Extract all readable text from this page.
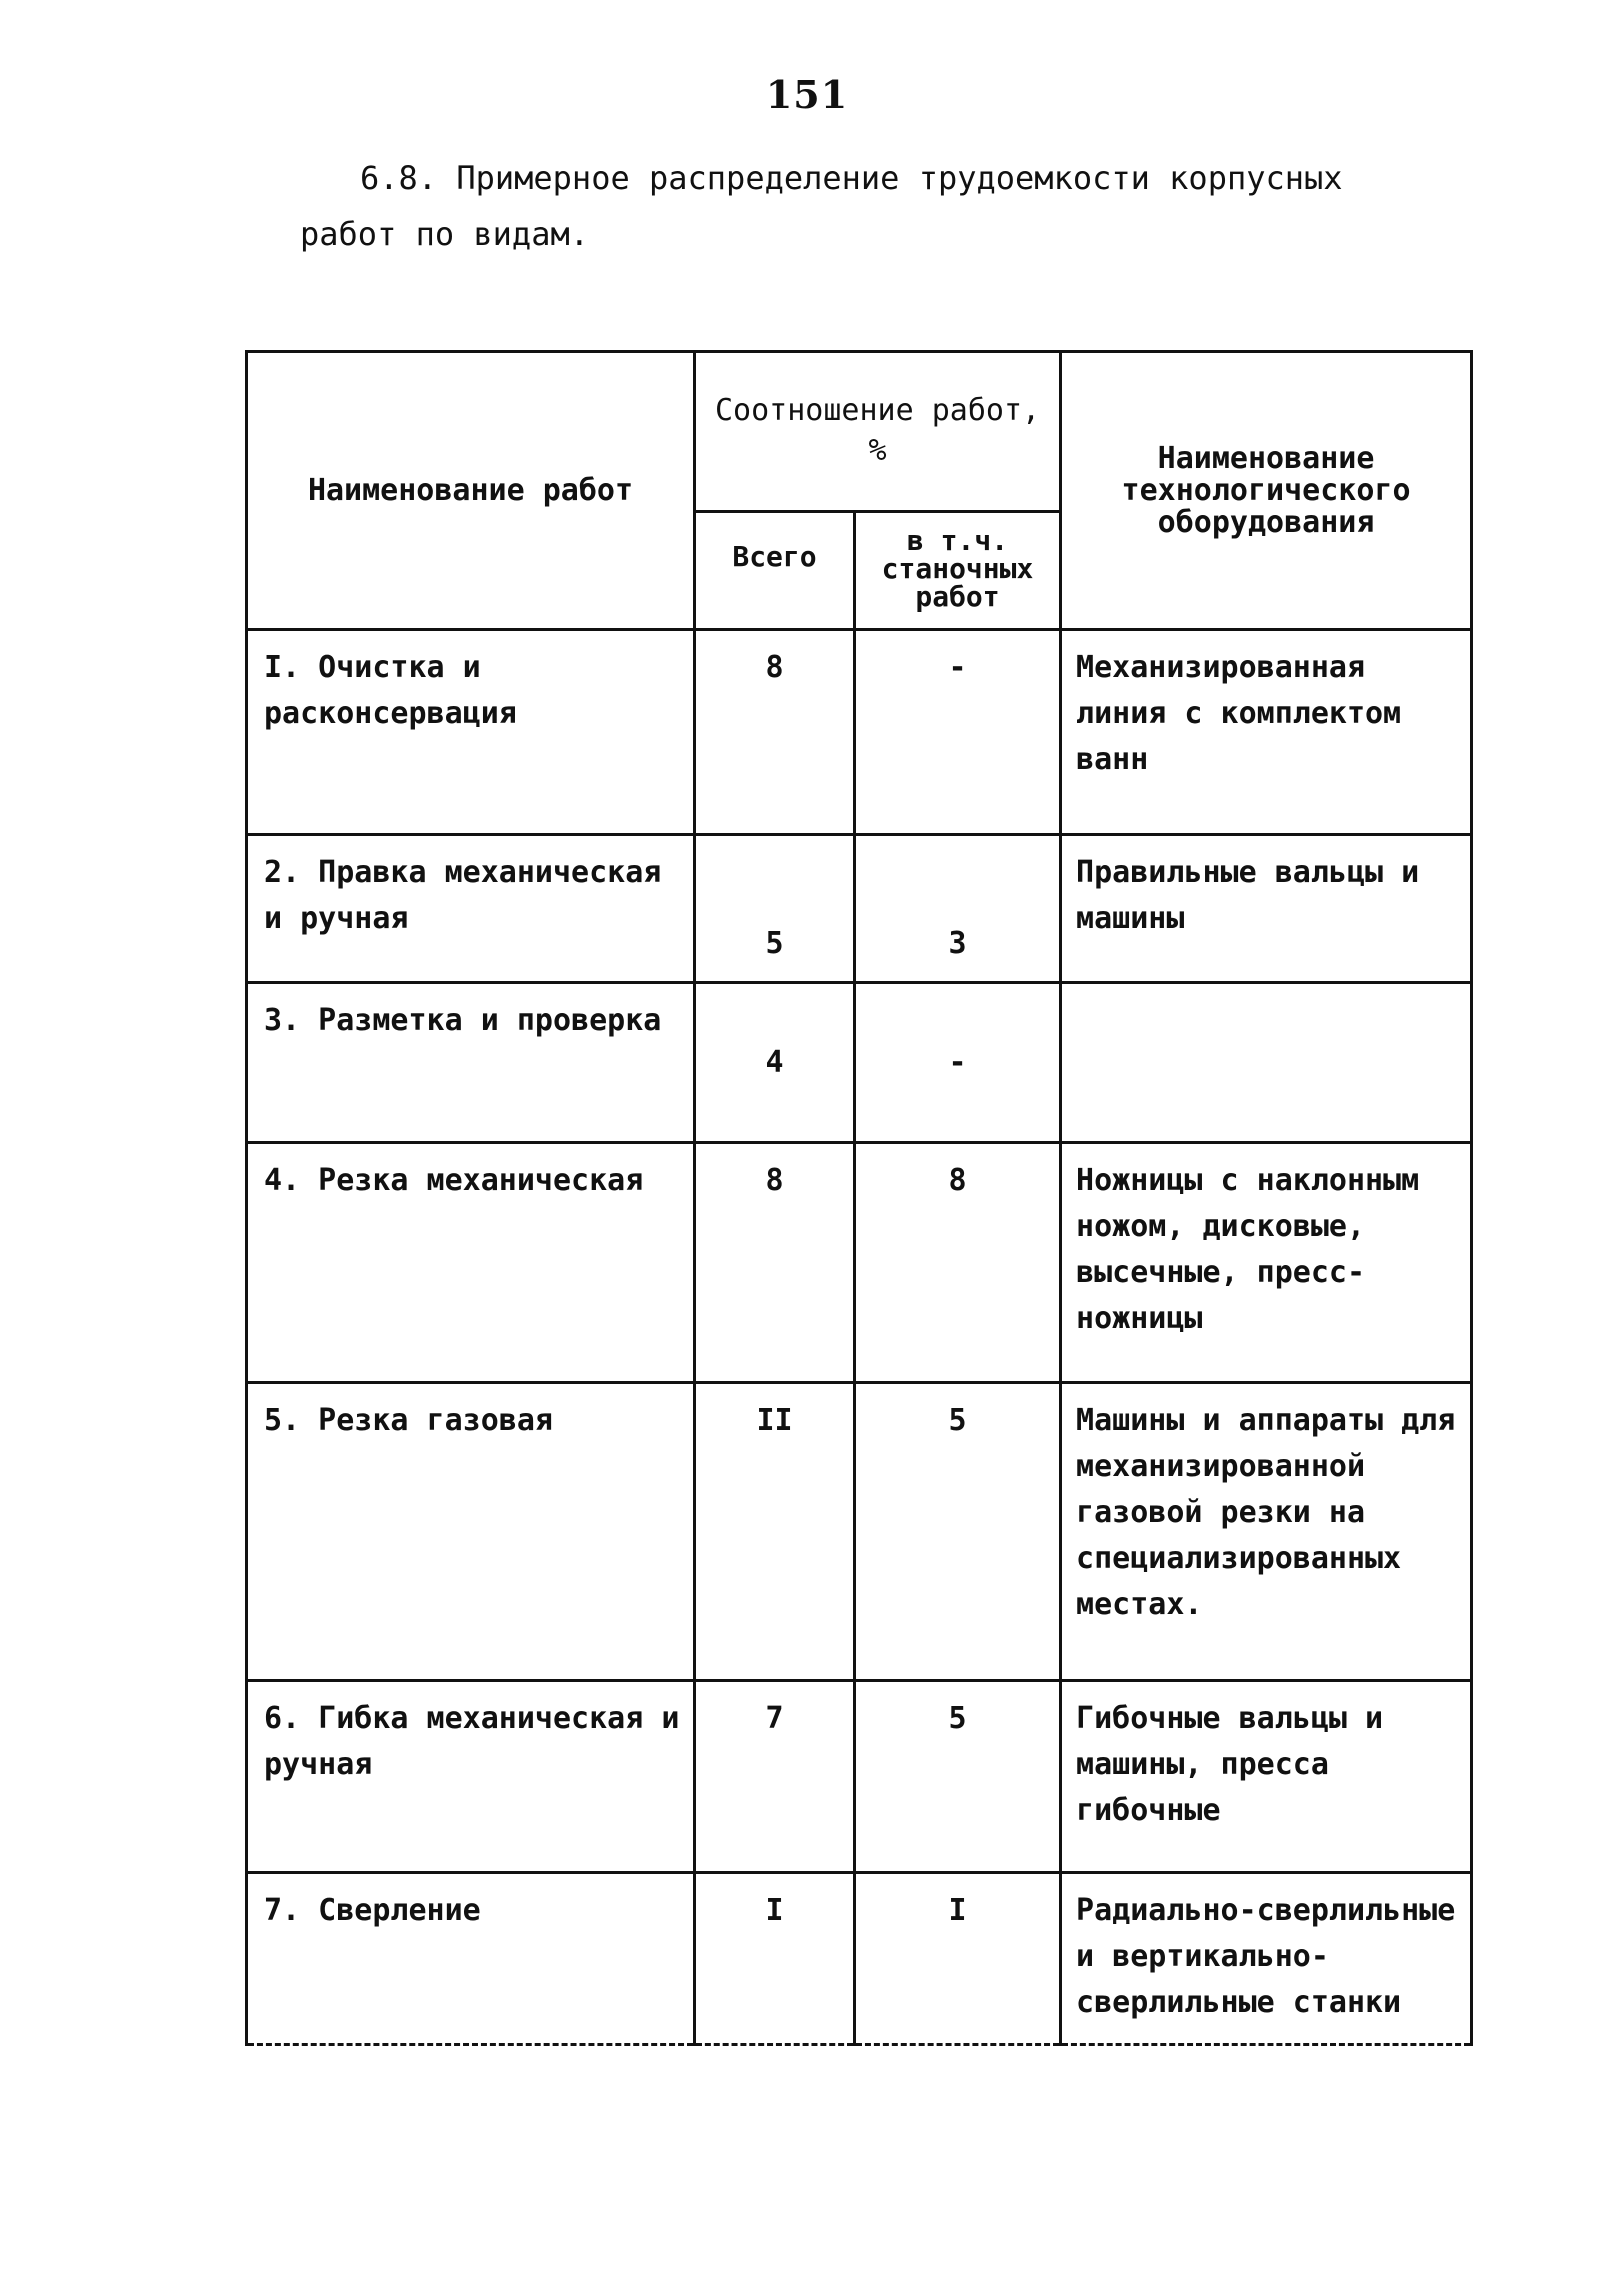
151
6.8. Примерное распределение трудоемкости корпусных
работ по видам.
Наименование работ	Соотношение работ, %		Наименование технологического оборудования
	Всего	в т.ч. станочных работ	
I. Очистка и расконсервация	8	-	Механизированная линия с комплектом ванн
2. Правка механическая и ручная	5	3	Правильные вальцы и машины
3. Разметка и проверка	4	-	
4. Резка механическая	8	8	Ножницы с наклонным ножом, дисковые, высечные, пресс-ножницы
5. Резка газовая	II	5	Машины и аппараты для механизированной газовой резки на специализированных местах.
6. Гибка механическая и ручная	7	5	Гибочные вальцы и машины, пресса гибочные
7. Сверление	I	I	Радиально-сверлильные и вертикально-сверлильные станки
